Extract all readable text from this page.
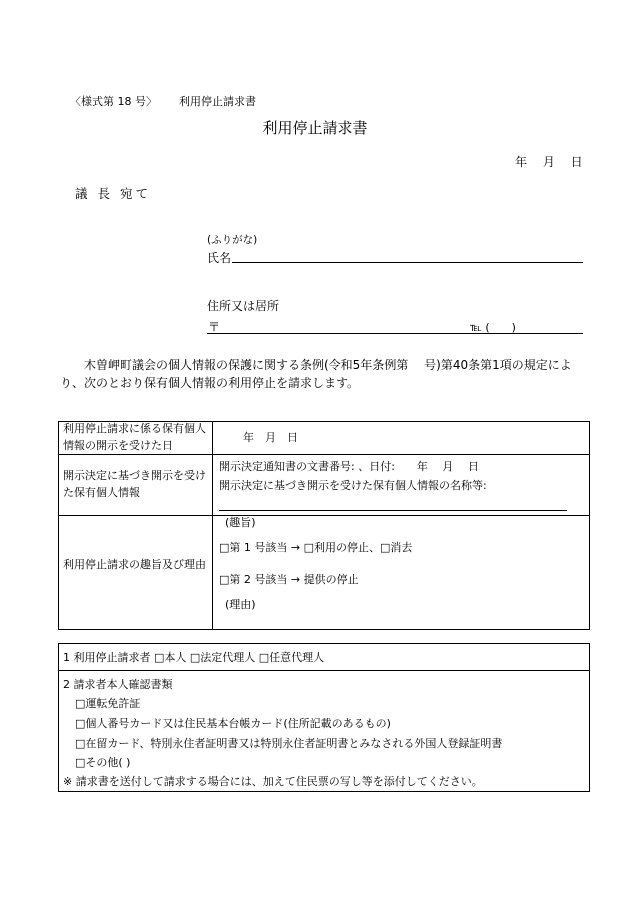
〈様式第 18 号〉 利用停止請求書
利用停止請求書
年 月 日
議 長 宛て
(ふりがな)
氏名
住所又は居所
〒	℡ (　　)
木曽岬町議会の個人情報の保護に関する条例(令和5年条例第　 号)第40条第1項の規定により、次のとおり保有個人情報の利用停止を請求します。
利用停止請求に係る保有個人情報の開示を受けた日
年　月　日
開示決定に基づき開示を受けた保有個人情報
開示決定通知書の文書番号: 、日付:　　年　 月　 日
開示決定に基づき開示を受けた保有個人情報の名称等:
利用停止請求の趣旨及び理由
(趣旨)
□第 1 号該当 → □利用の停止、□消去
□第 2 号該当 → 提供の停止
(理由)
1 利用停止請求者 □本人 □法定代理人 □任意代理人
2 請求者本人確認書類
□運転免許証
□個人番号カード又は住民基本台帳カード(住所記載のあるもの)
□在留カード、特別永住者証明書又は特別永住者証明書とみなされる外国人登録証明書
□その他( )
※ 請求書を送付して請求する場合には、加えて住民票の写し等を添付してください。
